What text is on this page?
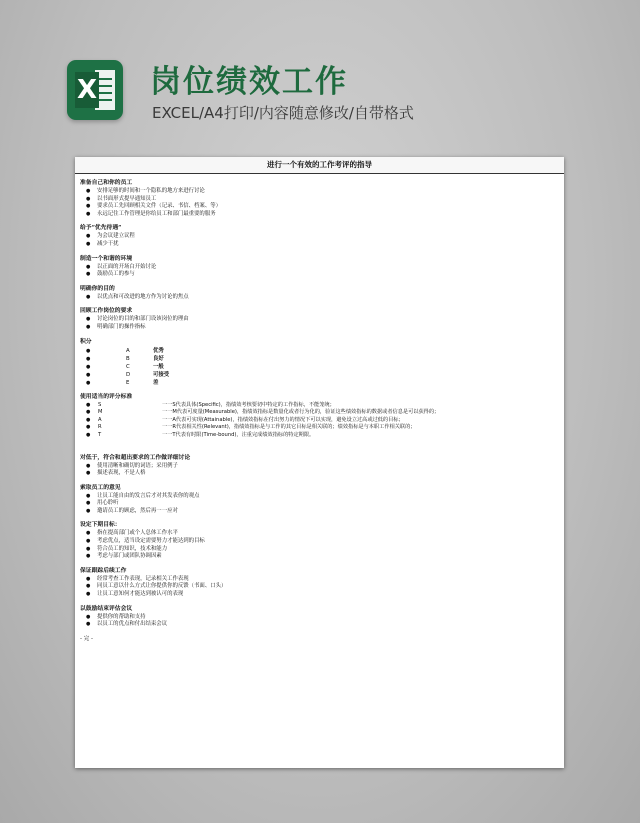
X 岗位绩效工作
EXCEL/A4打印/内容随意修改/自带格式
进行一个有效的工作考评的指导
准备自己和你的员工
● 安排足够的时间和一个隐私的地方来进行讨论
● 以书面形式提早通知员工
● 要求员工先回顾相关文件（记录、书信、档案、等）
● 永远记住工作管理是你给员工和部门最重要的服务
给予“优先待遇”
● 为会议建立议程
● 减少干扰
制造一个和谐的环境
● 以正面的开场白开始讨论
● 鼓励员工的参与
明确你的目的
● 以优点和可改进的地方作为讨论的焦点
回顾工作岗位的要求
● 讨论岗位的目的和部门设该岗位的理由
● 明确部门的操作指标
积分
●	A	优秀
●	B	良好
●	C	一般
●	D	可接受
●	E	差
使用适当的评分标准
● S	一一S代表具体(Specific)，指绩效考核要切中特定的工作指标，不能笼统；
● M	一一M代表可度量(Measurable)，指绩效指标是数量化或者行为化的，验证这些绩效指标的数据或者信息是可以获得的；
● A	一一A代表可实现(Attainable)，指绩效指标在付出努力的情况下可以实现，避免设立过高或过低的目标；
● R	一一R代表相关性(Relevant)，指绩效指标是与工作的其它目标是相关联的；绩效指标是与本职工作相关联的；
● T	一一T代表有时限(Time-bound)，注重完成绩效指标的特定期限。
对低于，符合和超出要求的工作做详细讨论
● 使用清晰和确切的词语；采用例子
● 描述表现，不是人格
索取员工的意见
● 让员工能自由的发言后才对其发表你的观点
● 用心聆听
● 邀请员工的顾虑，然后再一一应对
设定下期目标：
● 指在提高部门或个人总体工作水平
● 考虑优点，适当设定需要努力才能达到的目标
● 符合员工的知识，技术和能力
● 考虑与部门或团队协调因素
保证跟踪后续工作
● 经常考查工作表现，记录相关工作表现
● 同员工意以什么方式让你提供你的反馈（书面、口头）
● 让员工意知何才能达到被认可的表现
以鼓励结束评估会议
● 提供你的帮助和支持
● 以员工的优点和付出结束会议
- 完 -
